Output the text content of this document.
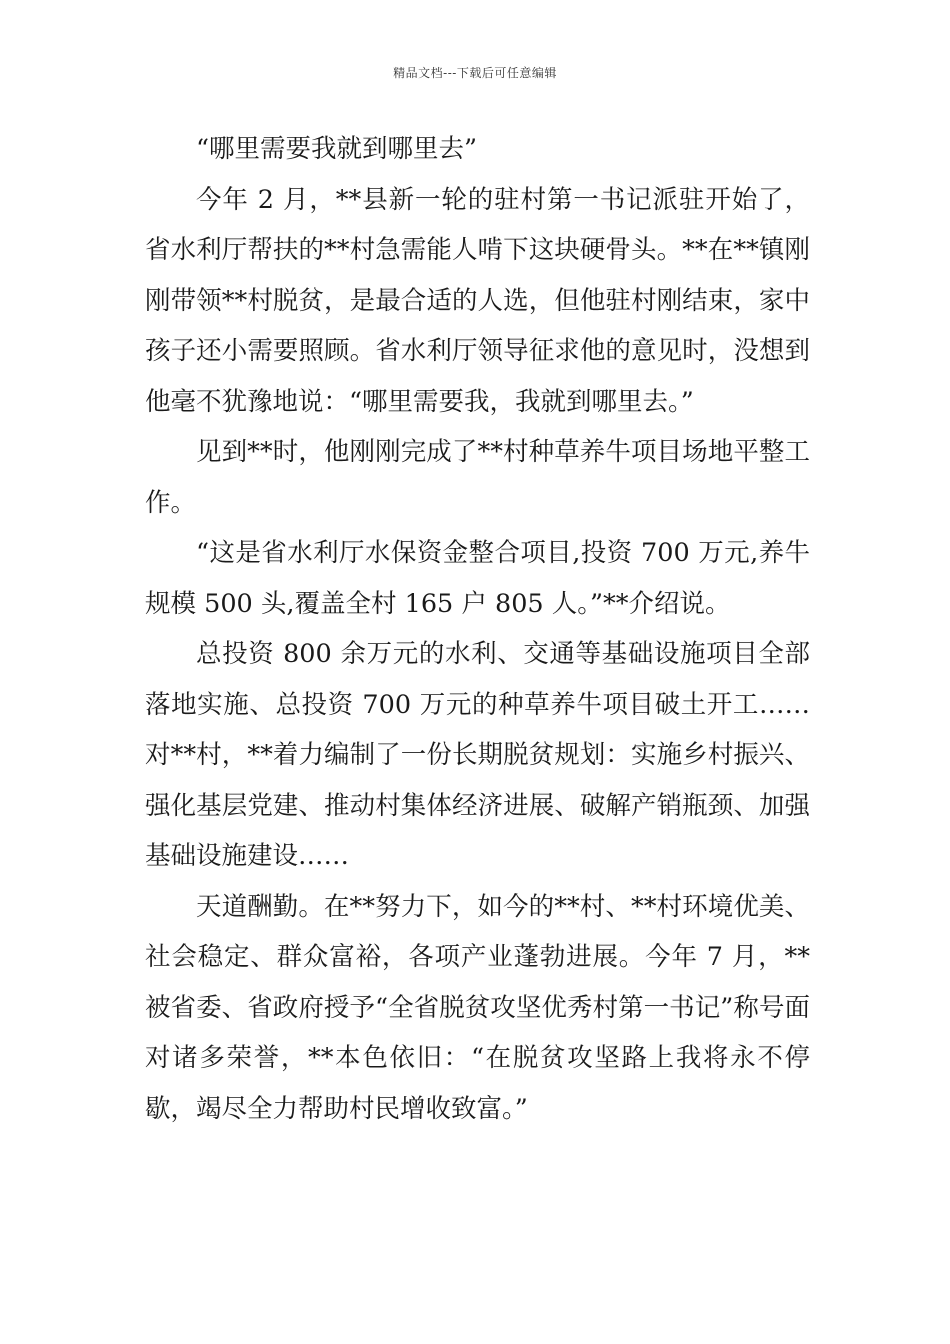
精品文档---下载后可任意编辑

“哪里需要我就到哪里去”

今年 2 月，**县新一轮的驻村第一书记派驻开始了，省水利厅帮扶的**村急需能人啃下这块硬骨头。**在**镇刚刚带领**村脱贫，是最合适的人选，但他驻村刚结束，家中孩子还小需要照顾。省水利厅领导征求他的意见时，没想到他毫不犹豫地说：“哪里需要我，我就到哪里去。”

见到**时，他刚刚完成了**村种草养牛项目场地平整工作。

“这是省水利厅水保资金整合项目,投资 700 万元,养牛规模 500 头,覆盖全村 165 户 805 人。”**介绍说。

总投资 800 余万元的水利、交通等基础设施项目全部落地实施、总投资 700 万元的种草养牛项目破土开工……对**村，**着力编制了一份长期脱贫规划：实施乡村振兴、强化基层党建、推动村集体经济进展、破解产销瓶颈、加强基础设施建设……

天道酬勤。在**努力下，如今的**村、**村环境优美、社会稳定、群众富裕，各项产业蓬勃进展。今年 7 月，**被省委、省政府授予“全省脱贫攻坚优秀村第一书记”称号面对诸多荣誉，**本色依旧：“在脱贫攻坚路上我将永不停歇，竭尽全力帮助村民增收致富。”
